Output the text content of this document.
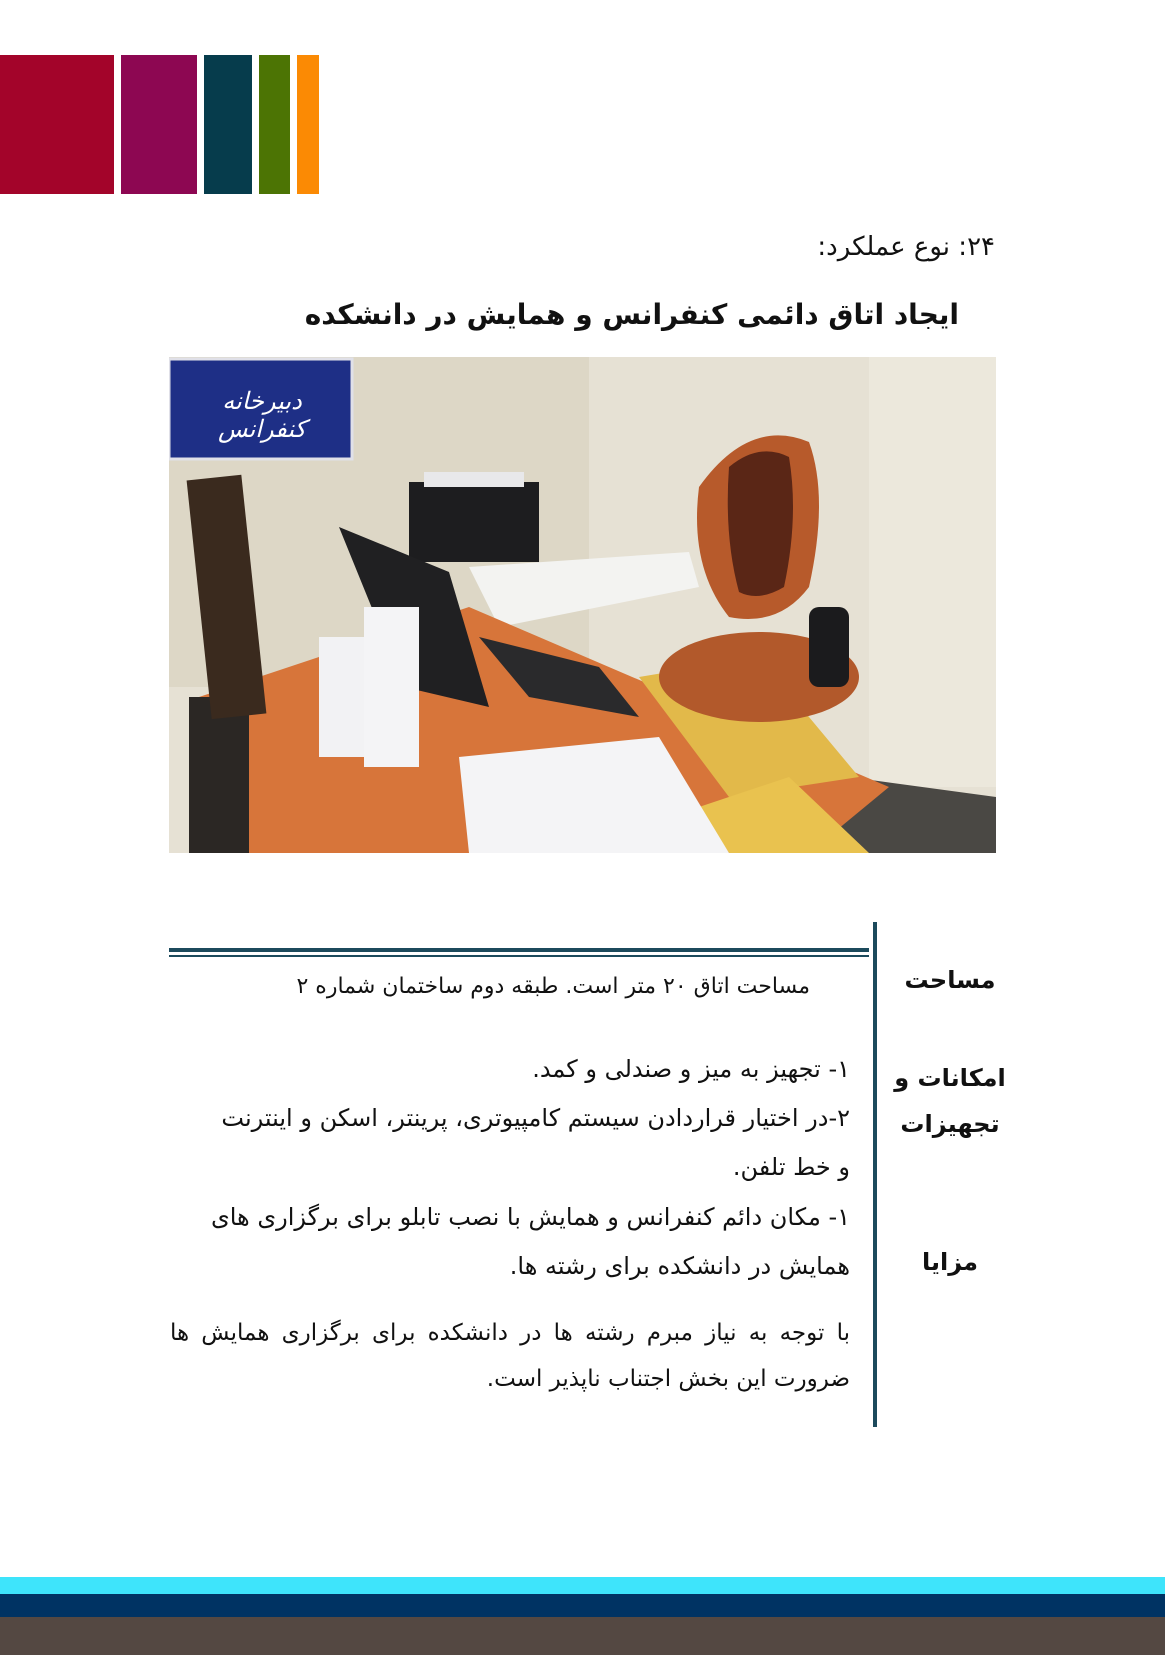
۲۴: نوع عملکرد:
ایجاد اتاق دائمی کنفرانس و همایش در دانشکده
دبیرخانه کنفرانس
مساحت
مساحت اتاق ۲۰ متر است. طبقه دوم ساختمان شماره ۲
امکانات و تجهیزات
۱- تجهیز به میز و صندلی و کمد.
۲-در اختیار قراردادن سیستم کامپیوتری، پرینتر، اسکن و اینترنت و خط تلفن.
مزایا
۱- مکان دائم کنفرانس و همایش با نصب تابلو برای برگزاری های همایش در دانشکده برای رشته ها.
با توجه به نیاز مبرم رشته ها در دانشکده برای برگزاری همایش ها ضرورت این بخش اجتناب ناپذیر است.
